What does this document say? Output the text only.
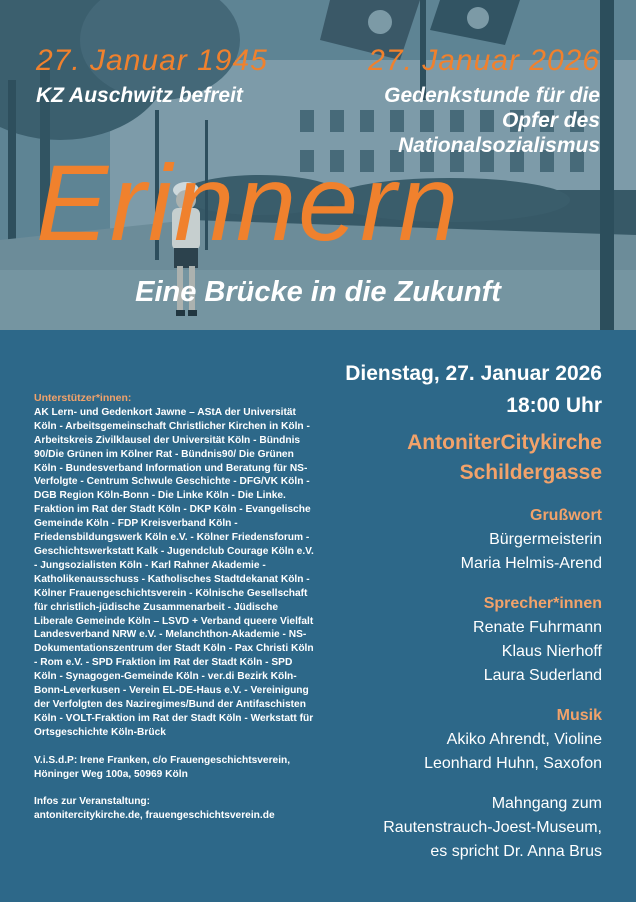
27. Januar 1945	27. Januar 2026
KZ Auschwitz befreit	Gedenkstunde für die Opfer des Nationalsozialismus
Erinnern
Eine Brücke in die Zukunft
Dienstag, 27. Januar 2026
18:00 Uhr
AntoniterCitykirche
Schildergasse
Grußwort
Bürgermeisterin
Maria Helmis-Arend
Sprecher*innen
Renate Fuhrmann
Klaus Nierhoff
Laura Suderland
Musik
Akiko Ahrendt, Violine
Leonhard Huhn, Saxofon
Mahngang zum
Rautenstrauch-Joest-Museum,
es spricht Dr. Anna Brus
Unterstützer*innen:
AK Lern- und Gedenkort Jawne – AStA der Universität Köln - Arbeitsgemeinschaft Christlicher Kirchen in Köln - Arbeitskreis Zivilklausel der Universität Köln - Bündnis 90/Die Grünen im Kölner Rat - Bündnis90/ Die Grünen Köln - Bundesverband Information und Beratung für NS-Verfolgte - Centrum Schwule Geschichte - DFG/VK Köln - DGB Region Köln-Bonn - Die Linke Köln - Die Linke. Fraktion im Rat der Stadt Köln - DKP Köln - Evangelische Gemeinde Köln - FDP Kreisverband Köln - Friedensbildungswerk Köln e.V. - Kölner Friedensforum - Geschichtswerkstatt Kalk - Jugendclub Courage Köln e.V. - Jungsozialisten Köln - Karl Rahner Akademie - Katholikenausschuss - Katholisches Stadtdekanat Köln - Kölner Frauengeschichtsverein - Kölnische Gesellschaft für christlich-jüdische Zusammenarbeit - Jüdische Liberale Gemeinde Köln – LSVD + Verband queere Vielfalt Landesverband NRW e.V. - Melanchthon-Akademie - NS-Dokumentationszentrum der Stadt Köln - Pax Christi Köln - Rom e.V. - SPD Fraktion im Rat der Stadt Köln - SPD Köln - Synagogen-Gemeinde Köln - ver.di Bezirk Köln-Bonn-Leverkusen - Verein EL-DE-Haus e.V. - Vereinigung der Verfolgten des Naziregimes/Bund der Antifaschisten Köln - VOLT-Fraktion im Rat der Stadt Köln - Werkstatt für Ortsgeschichte Köln-Brück
V.i.S.d.P: Irene Franken, c/o Frauengeschichtsverein,
Höninger Weg 100a, 50969 Köln
Infos zur Veranstaltung:
antonitercitykirche.de, frauengeschichtsverein.de
